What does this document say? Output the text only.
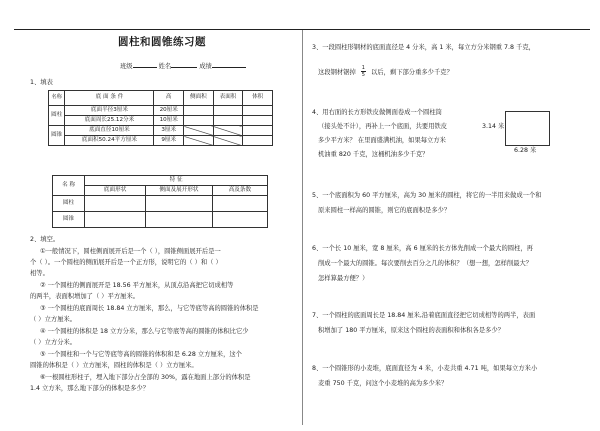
圆柱和圆锥练习题
班级	姓名	成绩
1、填表
名称	底 面 条 件	高	侧面积	表面积	体积
圆柱	底面半径3厘米	20厘米			
	底面周长25.12分米	10厘米			
圆锥	底面直径10厘米	3厘米			
	底面积50.24平方厘米	9厘米			
名 称	特 征		
	底面形状	侧面及展开形状	高及条数
圆柱			
圆锥			
2、填空。
①一般情况下，圆柱侧面展开后是一个（ ），圆锥侧面展开后是一
个（ ）。一个圆柱的侧面展开后是一个正方形，说明它的（ ）和（ ）
相等。
② 一个圆柱的侧面展开是 18.56 平方厘米，从顶点沿高把它切成相等
的两半，表面积增加了（ ）平方厘米。
③ 一个圆柱的底面周长 18.84 立方厘米，那么，与它等底等高的圆锥的体积是
（ ）立方厘米。
④ 一个圆柱的体积是 18 立方分米，那么与它等底等高的圆锥的体积比它少
（ ）立方分米。
⑤ 一个圆柱和一个与它等底等高的圆锥的体积和是 6.28 立方厘米，这个
圆锥的体积是（ ）立方厘米，圆柱的体积是（ ）立方厘米。
⑥一根圆柱形柱子，埋入地下部分占全部的 30%，露在地面上部分的体积是
1.4 立方米，那么地下部分的体积是多少？
3、一段圆柱形钢材的底面直径是 4 分米，高 1 米，每立方分米钢重 7.8 千克，
这段钢材锯掉 $\frac{1}{5}$ 以后，剩下部分重多少千克？
4、用右面的长方形铁皮做侧面卷成一个圆柱筒
（接头处不计），再补上一个底面，共要用铁皮
多少平方米？ 在里面盛满机油，如果每立方米
机油重 820 千克，这桶机油多少千克？
3.14 米
6.28 米
5、一个底面积为 60 平方厘米，高为 30 厘米的圆柱，将它的一半用来做成一个和
原来圆柱一样高的圆锥，则它的底面积是多少？
6、一个长 10 厘米，宽 8 厘米，高 6 厘米的长方体先削成一个最大的圆柱，再
削成一个最大的圆锥。每次要削去百分之几的体积？（想一想，怎样削最大？
怎样算最方便？）
7、一个圆柱的底面周长是 18.84 厘米,沿着底面直径把它切成相等的两半，表面
积增加了 180 平方厘米，原来这个圆柱的表面积和体积各是多少？
8、一个圆锥形的小麦堆，底面直径为 4 米，小麦共重 4.71 吨，如果每立方米小
麦重 750 千克，问这个小麦堆的高为多少米？
